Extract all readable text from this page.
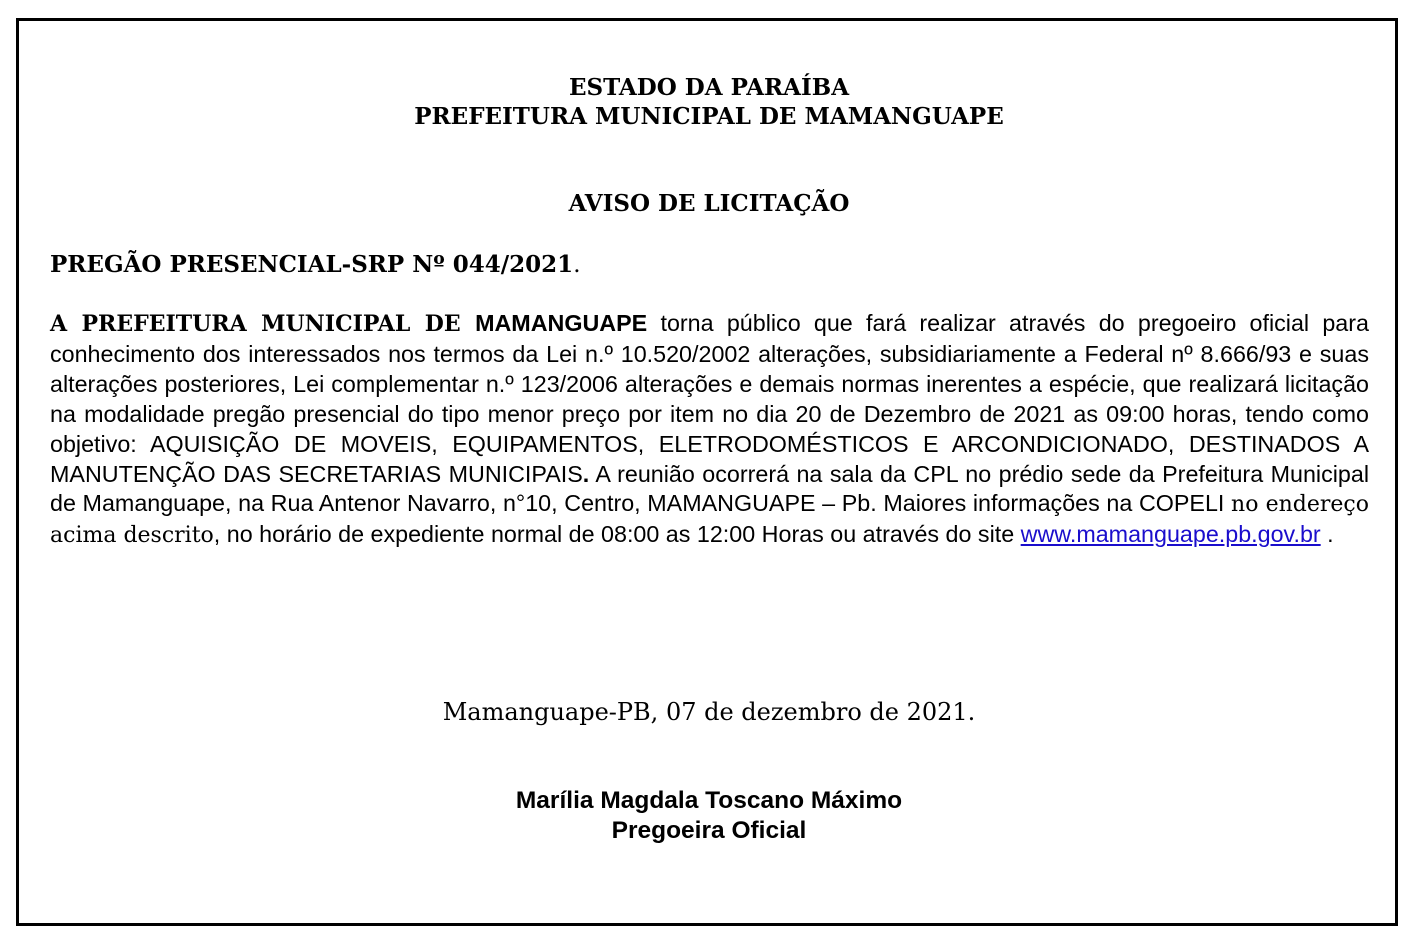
ESTADO DA PARAÍBA
PREFEITURA MUNICIPAL DE MAMANGUAPE
AVISO DE LICITAÇÃO
PREGÃO PRESENCIAL-SRP Nº 044/2021.
A PREFEITURA MUNICIPAL DE MAMANGUAPE torna público que fará realizar através do pregoeiro oficial para conhecimento dos interessados nos termos da Lei n.º 10.520/2002 alterações, subsidiariamente a Federal nº 8.666/93 e suas alterações posteriores, Lei complementar n.º 123/2006 alterações e demais normas inerentes a espécie, que realizará licitação na modalidade pregão presencial do tipo menor preço por item no dia 20 de Dezembro de 2021 as 09:00 horas, tendo como objetivo: AQUISIÇÃO DE MOVEIS, EQUIPAMENTOS, ELETRODOMÉSTICOS E ARCONDICIONADO, DESTINADOS A MANUTENÇÃO DAS SECRETARIAS MUNICIPAIS. A reunião ocorrerá na sala da CPL no prédio sede da Prefeitura Municipal de Mamanguape, na Rua Antenor Navarro, n°10, Centro, MAMANGUAPE – Pb. Maiores informações na COPELI no endereço acima descrito, no horário de expediente normal de 08:00 as 12:00 Horas ou através do site www.mamanguape.pb.gov.br .
Mamanguape-PB, 07 de dezembro de 2021.
Marília Magdala Toscano Máximo
Pregoeira Oficial
